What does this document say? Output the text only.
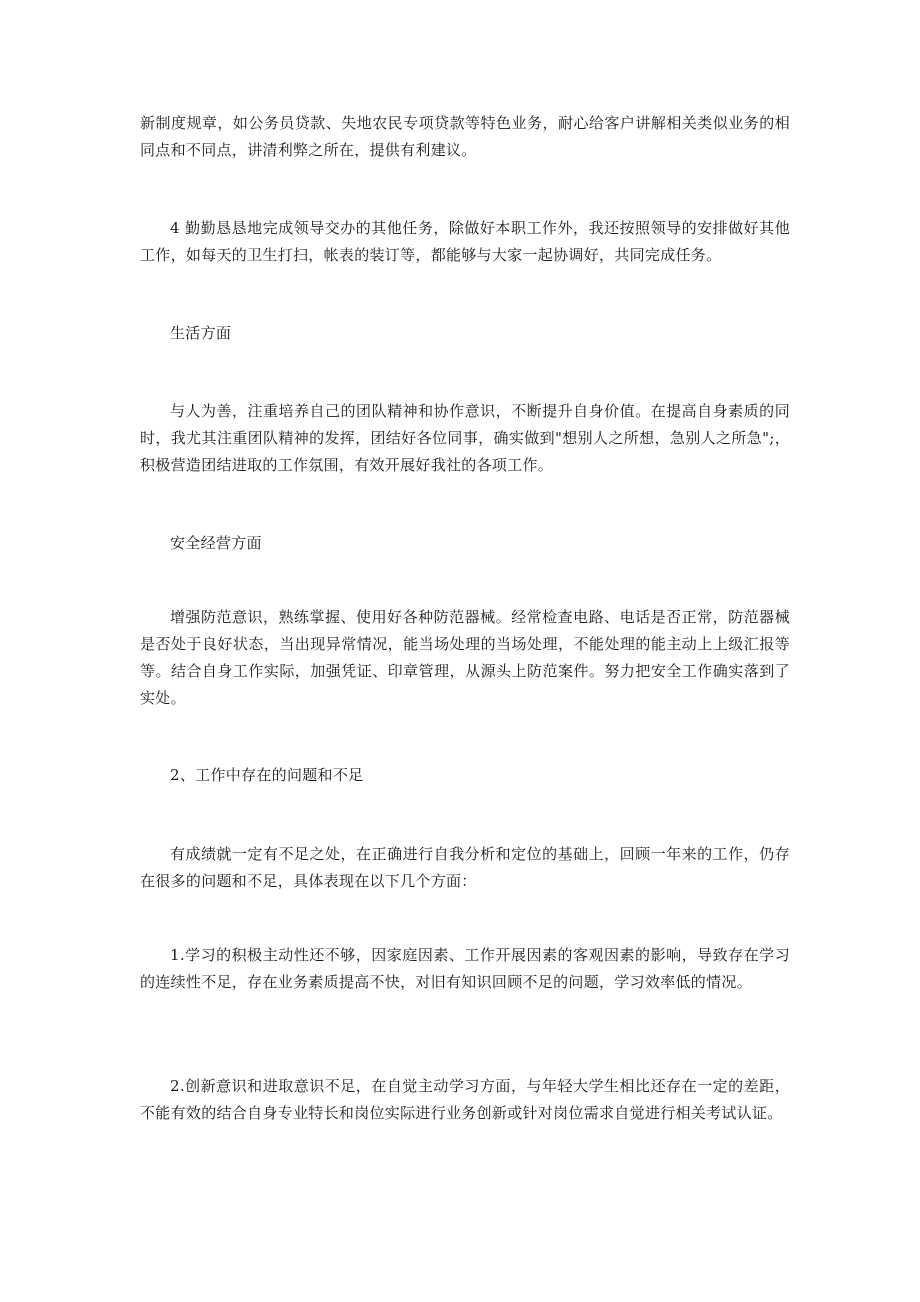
新制度规章，如公务员贷款、失地农民专项贷款等特色业务，耐心给客户讲解相关类似业务的相同点和不同点，讲清利弊之所在，提供有利建议。

4 勤勤恳恳地完成领导交办的其他任务，除做好本职工作外，我还按照领导的安排做好其他工作，如每天的卫生打扫，帐表的装订等，都能够与大家一起协调好，共同完成任务。

生活方面

与人为善，注重培养自己的团队精神和协作意识，不断提升自身价值。在提高自身素质的同时，我尤其注重团队精神的发挥，团结好各位同事，确实做到"想别人之所想，急别人之所急";，积极营造团结进取的工作氛围，有效开展好我社的各项工作。

安全经营方面

增强防范意识，熟练掌握、使用好各种防范器械。经常检查电路、电话是否正常，防范器械是否处于良好状态，当出现异常情况，能当场处理的当场处理，不能处理的能主动上上级汇报等等。结合自身工作实际，加强凭证、印章管理，从源头上防范案件。努力把安全工作确实落到了实处。

2、工作中存在的问题和不足

有成绩就一定有不足之处，在正确进行自我分析和定位的基础上，回顾一年来的工作，仍存在很多的问题和不足，具体表现在以下几个方面：

1.学习的积极主动性还不够，因家庭因素、工作开展因素的客观因素的影响，导致存在学习的连续性不足，存在业务素质提高不快，对旧有知识回顾不足的问题，学习效率低的情况。

2.创新意识和进取意识不足，在自觉主动学习方面，与年轻大学生相比还存在一定的差距，不能有效的结合自身专业特长和岗位实际进行业务创新或针对岗位需求自觉进行相关考试认证。
